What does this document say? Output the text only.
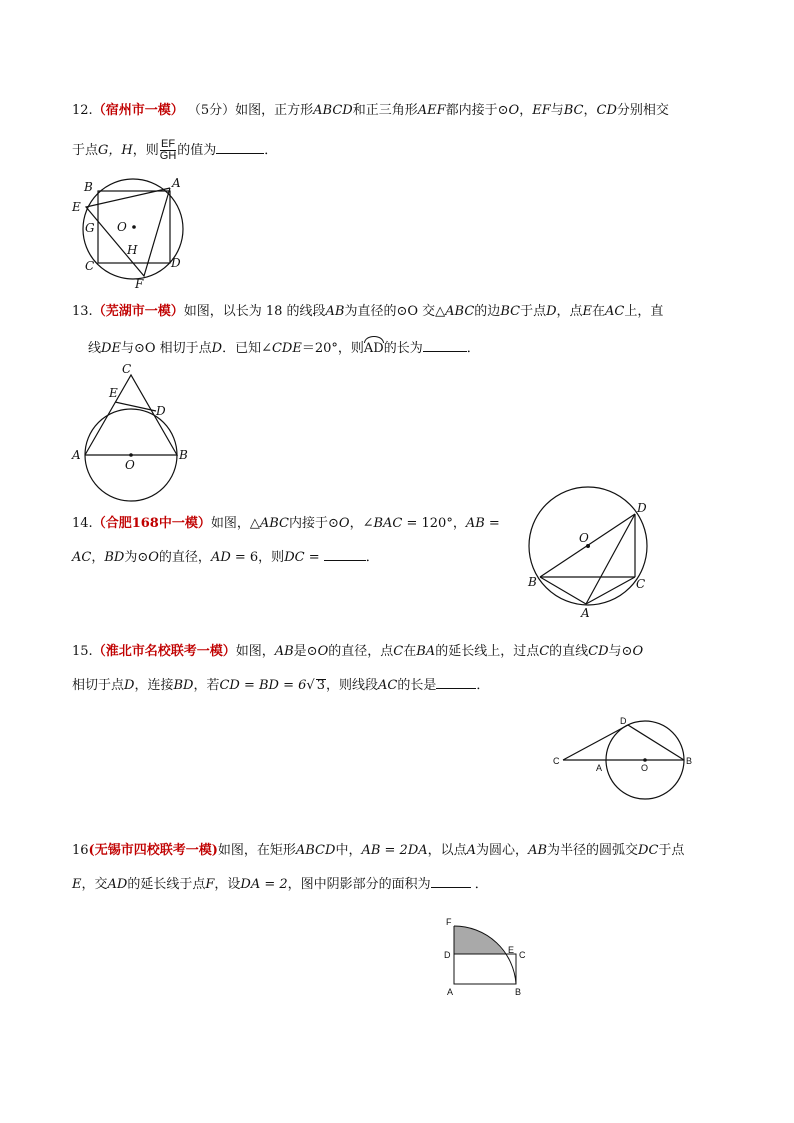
12.（宿州市一模） （5分）如图，正方形ABCD和正三角形AEF都内接于⊙O，EF与BC，CD分别相交
于点G，H，则 $\frac{EF}{GH}$ 的值为	．
B	A
E
G O
H
C	D
F
13.（芜湖市一模）如图，以长为 18 的线段AB为直径的⊙O 交△ABC的边BC于点D，点E在AC上，直
线DE与⊙O 相切于点D．已知∠CDE＝20°，则AD的长为	．
C
E
D
A	B
O
14.（合肥168中一模）如图，△ABC内接于⊙O，∠BAC = 120°，AB =
AC，BD为⊙O的直径，AD = 6，则DC =	．
D
O
B	C
A
15.（淮北市名校联考一模）如图，AB是⊙O的直径，点C在BA的延长线上，过点C的直线CD与⊙O
相切于点D，连接BD，若CD = BD = 6√ 3，则线段AC的长是	．
D
C
A	O
B
16(无锡市四校联考一模)如图，在矩形ABCD中，AB = 2DA，以点A为圆心，AB为半径的圆弧交DC于点
E，交AD的延长线于点F，设DA = 2，图中阴影部分的面积为	．
F
D	E C
A	B
